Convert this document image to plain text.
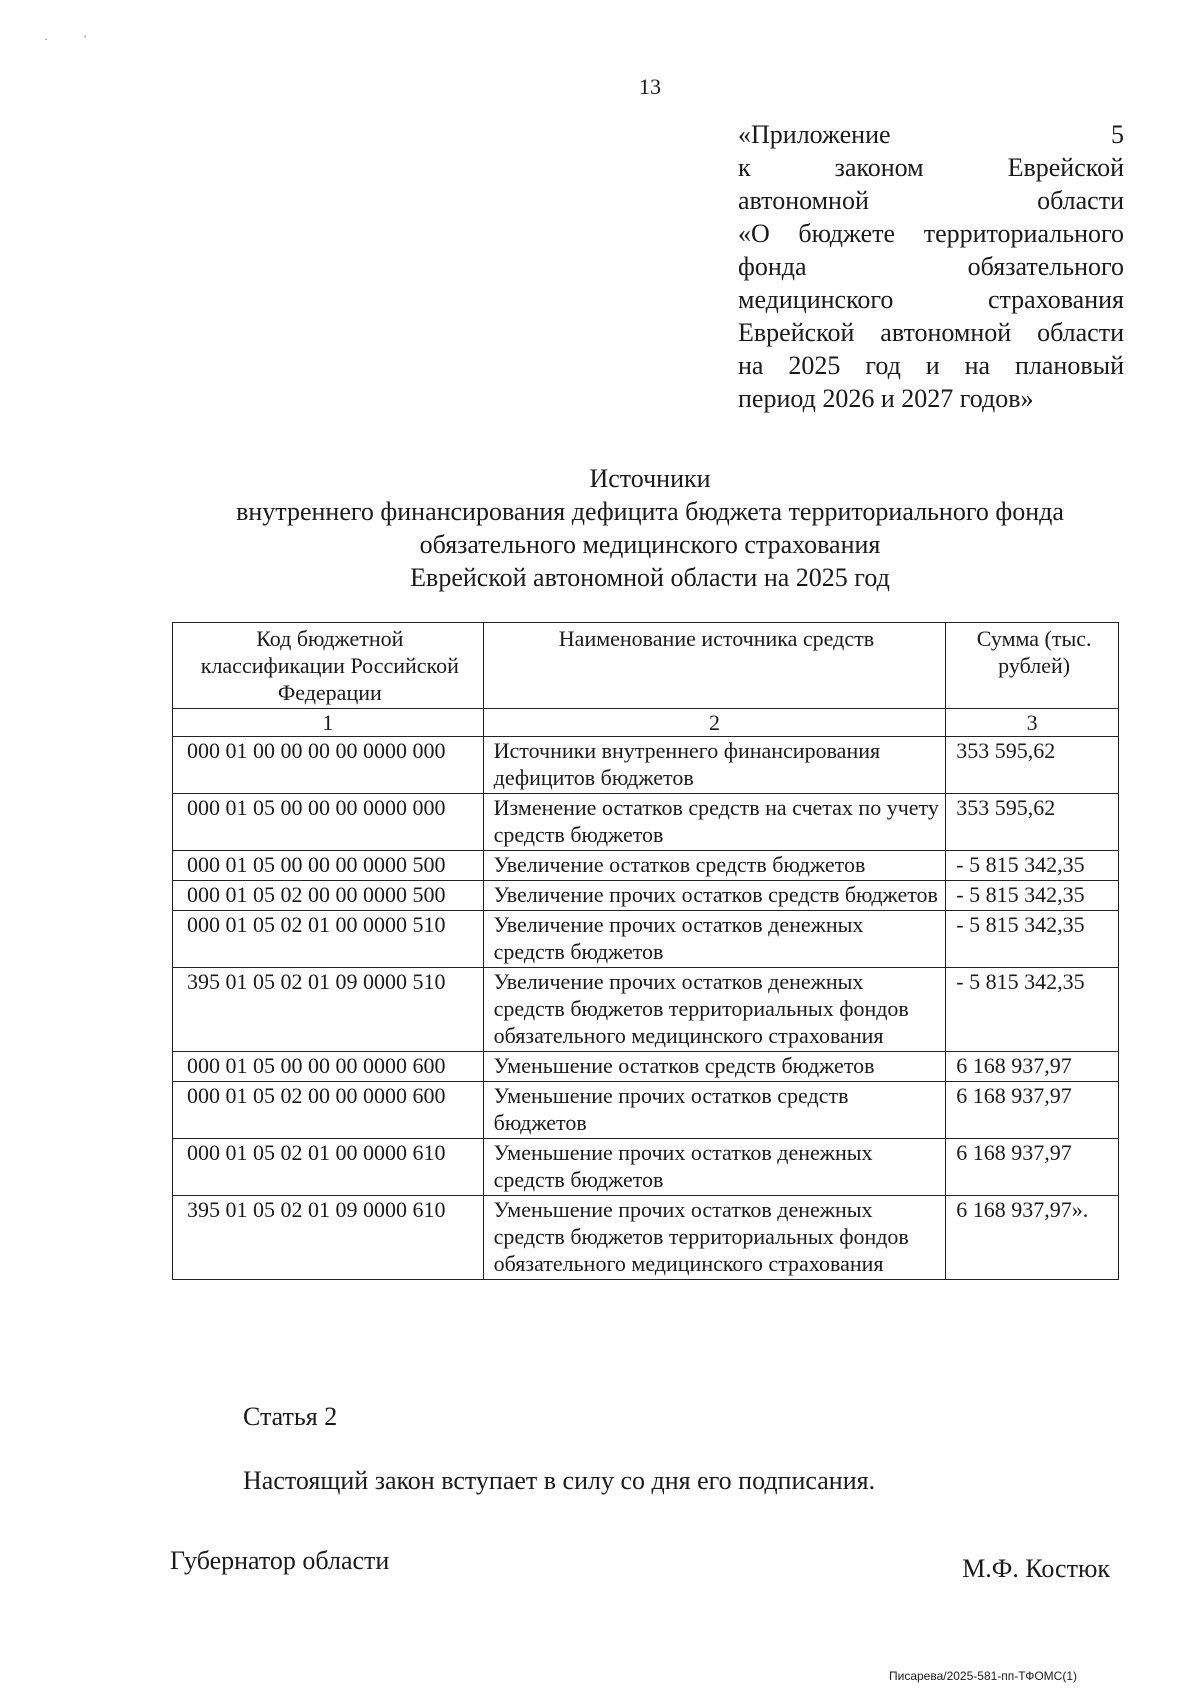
·            '
13
«Приложение 5
к законом Еврейской
автономной области
«О бюджете территориального
фонда обязательного
медицинского страхования
Еврейской автономной области
на 2025 год и на плановый
период 2026 и 2027 годов»
Источники
внутреннего финансирования дефицита бюджета территориального фонда
обязательного медицинского страхования
Еврейской автономной области на 2025 год
Код бюджетной классификации Российской Федерации	Наименование источника средств	Сумма (тыс. рублей)
1	2	3
000 01 00 00 00 00 0000 000	Источники внутреннего финансирования дефицитов бюджетов	353 595,62
000 01 05 00 00 00 0000 000	Изменение остатков средств на счетах по учету средств бюджетов	353 595,62
000 01 05 00 00 00 0000 500	Увеличение остатков средств бюджетов	- 5 815 342,35
000 01 05 02 00 00 0000 500	Увеличение прочих остатков средств бюджетов	- 5 815 342,35
000 01 05 02 01 00 0000 510	Увеличение прочих остатков денежных средств бюджетов	- 5 815 342,35
395 01 05 02 01 09 0000 510	Увеличение прочих остатков денежных средств бюджетов территориальных фондов обязательного медицинского страхования	- 5 815 342,35
000 01 05 00 00 00 0000 600	Уменьшение остатков средств бюджетов	6 168 937,97
000 01 05 02 00 00 0000 600	Уменьшение прочих остатков средств бюджетов	6 168 937,97
000 01 05 02 01 00 0000 610	Уменьшение прочих остатков денежных средств бюджетов	6 168 937,97
395 01 05 02 01 09 0000 610	Уменьшение прочих остатков денежных средств бюджетов территориальных фондов обязательного медицинского страхования	6 168 937,97».
Статья 2
Настоящий закон вступает в силу со дня его подписания.
Губернатор области	М.Ф. Костюк
Писарева/2025-581-пп-ТФОМС(1)
